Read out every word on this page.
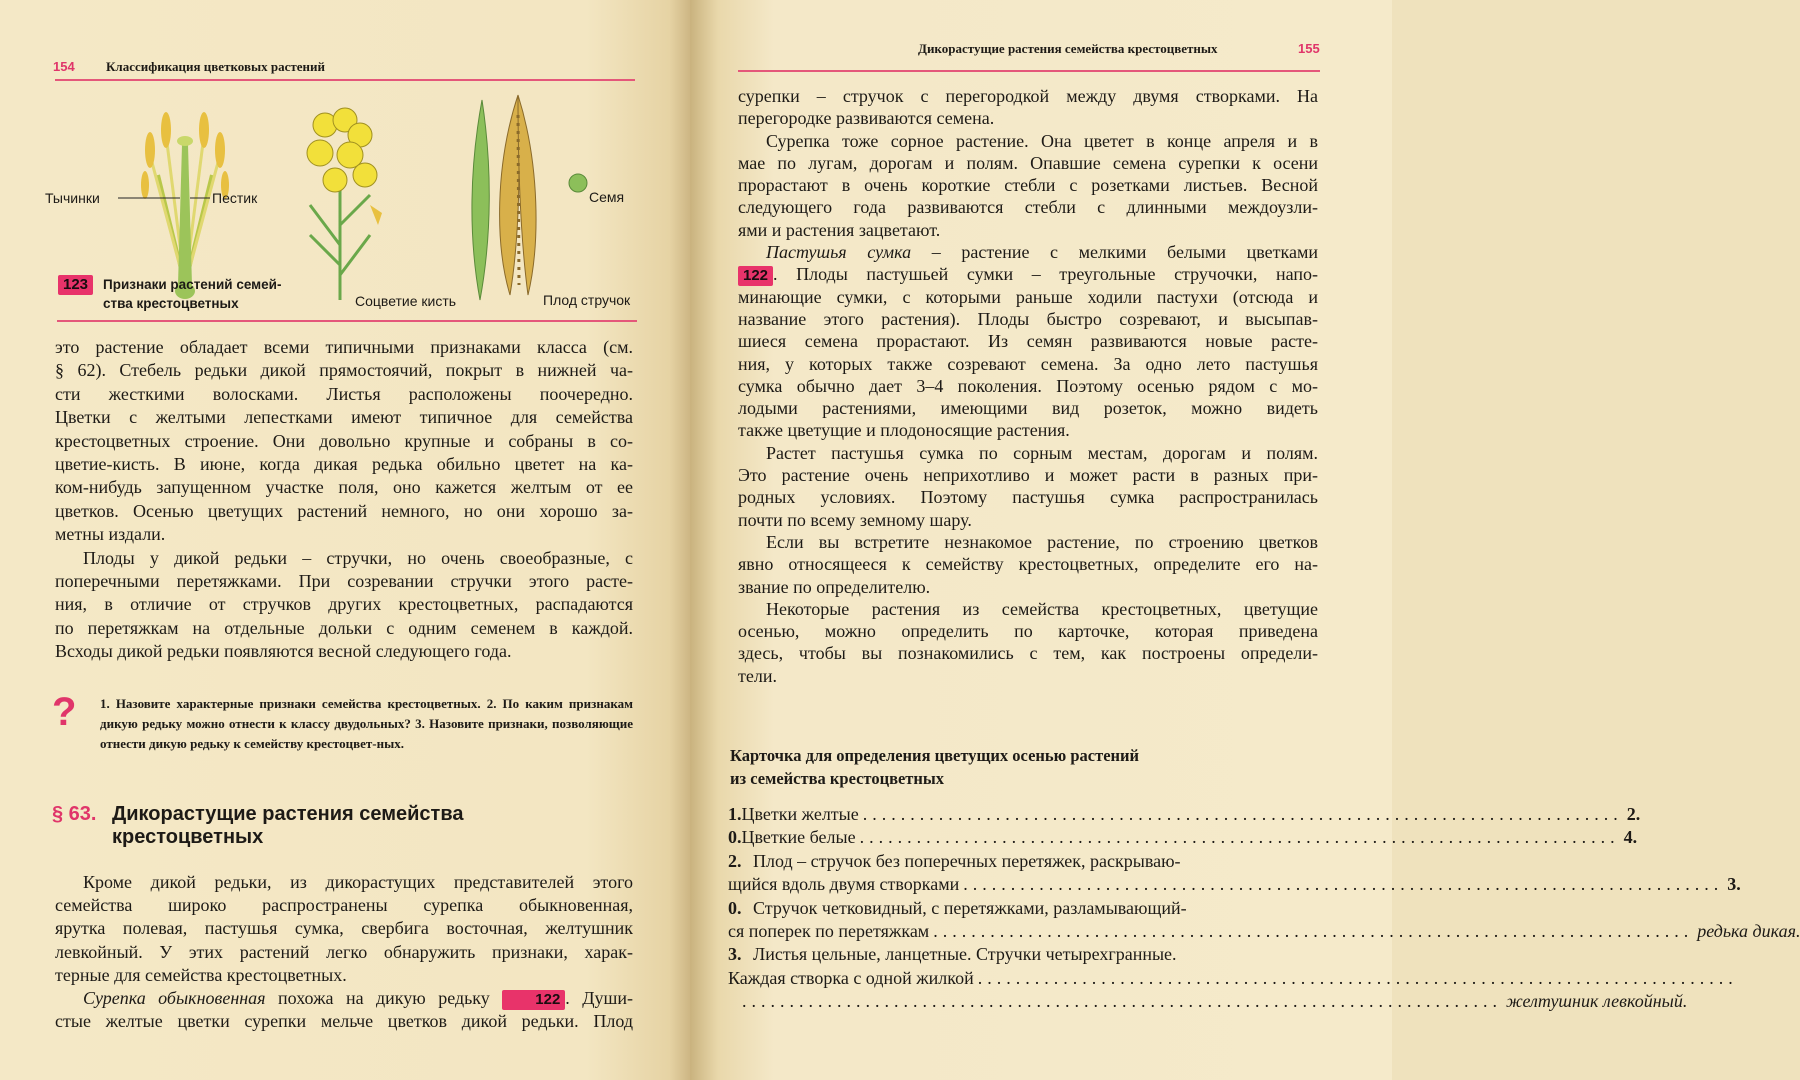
154 Классификация цветковых растений
Тычинки	Пестик
Соцветие кисть	Плод стручок
Семя
123	Признаки растений семей-
ства крестоцветных
это растение обладает всеми типичными признаками класса (см.
§ 62). Стебель редьки дикой прямостоячий, покрыт в нижней ча-
сти жесткими волосками. Листья расположены поочередно.
Цветки с желтыми лепестками имеют типичное для семейства
крестоцветных строение. Они довольно крупные и собраны в со-
цветие-кисть. В июне, когда дикая редька обильно цветет на ка-
ком-нибудь запущенном участке поля, оно кажется желтым от ее
цветков. Осенью цветущих растений немного, но они хорошо за-
метны издали.
Плоды у дикой редьки – стручки, но очень своеобразные, с
поперечными перетяжками. При созревании стручки этого расте-
ния, в отличие от стручков других крестоцветных, распадаются
по перетяжкам на отдельные дольки с одним семенем в каждой.
Всходы дикой редьки появляются весной следующего года.
? 1. Назовите характерные признаки семейства крестоцветных. 2. По каким признакам дикую редьку можно отнести к классу двудольных? 3. Назовите признаки, позволяющие отнести дикую редьку к семейству крестоцвет-ных.
§ 63. Дикорастущие растения семейства
крестоцветных
Кроме дикой редьки, из дикорастущих представителей этого
семейства широко распространены сурепка обыкновенная,
ярутка полевая, пастушья сумка, свербига восточная, желтушник
левкойный. У этих растений легко обнаружить признаки, харак-
терные для семейства крестоцветных.
Сурепка обыкновенная похожа на дикую редьку 122 . Души-
стые желтые цветки сурепки мельче цветков дикой редьки. Плод
Дикорастущие растения семейства крестоцветных	155
сурепки – стручок с перегородкой между двумя створками. На
перегородке развиваются семена.
Сурепка тоже сорное растение. Она цветет в конце апреля и в
мае по лугам, дорогам и полям. Опавшие семена сурепки к осени
прорастают в очень короткие стебли с розетками листьев. Весной
следующего года развиваются стебли с длинными междоузли-
ями и растения зацветают.
Пастушья сумка – растение с мелкими белыми цветками
122 . Плоды пастушьей сумки – треугольные стручочки, напо-
минающие сумки, с которыми раньше ходили пастухи (отсюда и
название этого растения). Плоды быстро созревают, и высыпав-
шиеся семена прорастают. Из семян развиваются новые расте-
ния, у которых также созревают семена. За одно лето пастушья
сумка обычно дает 3–4 поколения. Поэтому осенью рядом с мо-
лодыми растениями, имеющими вид розеток, можно видеть
также цветущие и плодоносящие растения.
Растет пастушья сумка по сорным местам, дорогам и полям.
Это растение очень неприхотливо и может расти в разных при-
родных условиях. Поэтому пастушья сумка распространилась
почти по всему земному шару.
Если вы встретите незнакомое растение, по строению цветков
явно относящееся к семейству крестоцветных, определите его на-
звание по определителю.
Некоторые растения из семейства крестоцветных, цветущие
осенью, можно определить по карточке, которая приведена
здесь, чтобы вы познакомились с тем, как построены определи-
тели.
Карточка для определения цветущих осенью растений
из семейства крестоцветных
1. Цветки желтые ................................................................................ 2.
0. Цветкие белые ................................................................................ 4.
2. Плод – стручок без поперечных перетяжек, раскрываю-
щийся вдоль двумя створками ................................................................................ 3.
0. Стручок четковидный, с перетяжками, разламывающий-
ся поперек по перетяжкам ................................................................................ редька дикая.
3. Листья цельные, ланцетные. Стручки четырехгранные.
Каждая створка с одной жилкой ................................................................................
................................................................................ желтушник левкойный.
